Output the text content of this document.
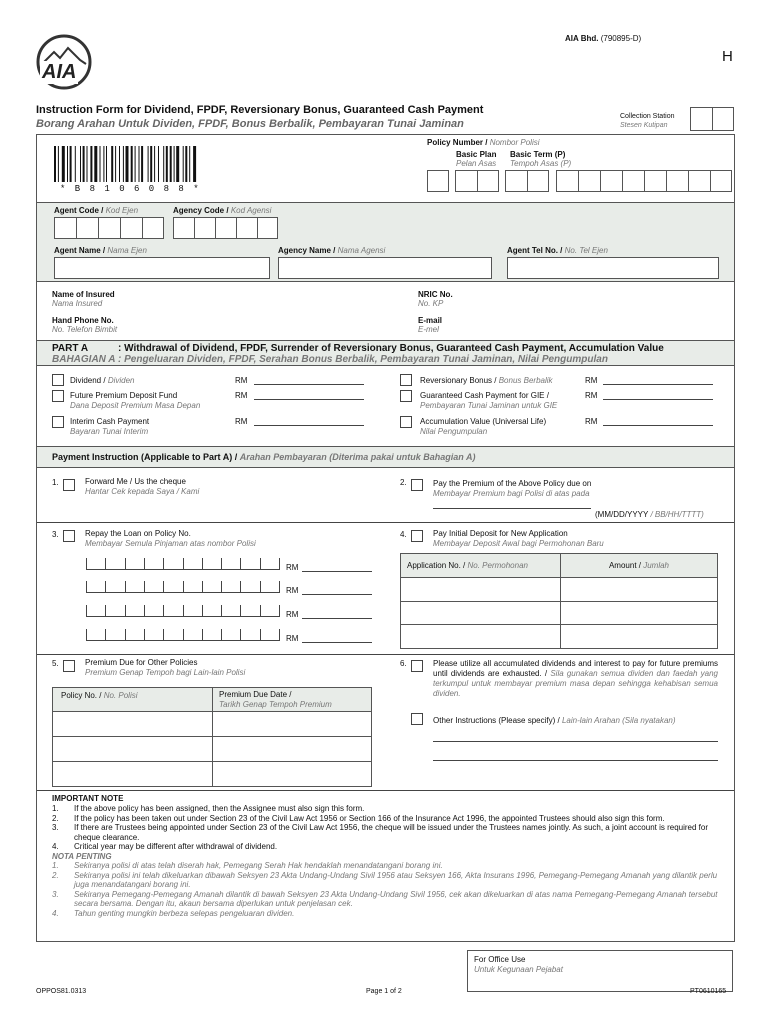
AIA
AIA Bhd. (790895-D)
H
Instruction Form for Dividend, FPDF, Reversionary Bonus, Guaranteed Cash Payment
Borang Arahan Untuk Dividen, FPDF, Bonus Berbalik, Pembayaran Tunai Jaminan
Collection Station
Stesen Kutipan
* B 8 1 0 6 0 8 8 *
Policy Number / Nombor Polisi
Basic Plan
Pelan Asas
Basic Term (P)
Tempoh Asas (P)
Agent Code / Kod Ejen	Agency Code / Kod Agensi
Agent Name / Nama Ejen	Agency Name / Nama Agensi	Agent Tel No. / No. Tel Ejen
Name of Insured
Nama Insured
NRIC No.
No. KP
Hand Phone No.
No. Telefon Bimbit
E-mail
E-mel
PART A
BAHAGIAN A
: Withdrawal of Dividend, FPDF, Surrender of Reversionary Bonus, Guaranteed Cash Payment, Accumulation Value
: Pengeluaran Dividen, FPDF, Serahan Bonus Berbalik, Pembayaran Tunai Jaminan, Nilai Pengumpulan
Dividend / Dividen	RM
Future Premium Deposit Fund
Dana Deposit Premium Masa Depan
RM
Interim Cash Payment
Bayaran Tunai Interim
RM
Reversionary Bonus / Bonus Berbalik	RM
Guaranteed Cash Payment for GIE /
Pembayaran Tunai Jaminan untuk GIE
RM
Accumulation Value (Universal Life)
Nilai Pengumpulan
RM
Payment Instruction (Applicable to Part A) / Arahan Pembayaran (Diterima pakai untuk Bahagian A)
1.	Forward Me / Us the cheque
Hantar Cek kepada Saya / Kami
2.	Pay the Premium of the Above Policy due on
Membayar Premium bagi Polisi di atas pada
(MM/DD/YYYY / BB/HH/TTTT)
3.	Repay the Loan on Policy No.
Membayar Semula Pinjaman atas nombor Polisi
RM
RM
RM
RM
4.	Pay Initial Deposit for New Application
Membayar Deposit Awal bagi Permohonan Baru
Application No. / No. Permohonan	Amount / Jumlah

5.	Premium Due for Other Policies
Premium Genap Tempoh bagi Lain-lain Polisi
Policy No. / No. Polisi	Premium Due Date /
Tarikh Genap Tempoh Premium

6.	Please utilize all accumulated dividends and interest to pay for future premiums until dividends are exhausted. / Sila gunakan semua dividen dan faedah yang terkumpul untuk membayar premium masa depan sehingga kehabisan semua dividen.
Other Instructions (Please specify) / Lain-lain Arahan (Sila nyatakan)
IMPORTANT NOTE
1.	If the above policy has been assigned, then the Assignee must also sign this form.
2.	If the policy has been taken out under Section 23 of the Civil Law Act 1956 or Section 166 of the Insurance Act 1996, the appointed Trustees should also sign this form.
3.	If there are Trustees being appointed under Section 23 of the Civil Law Act 1956, the cheque will be issued under the Trustees names jointly. As such, a joint account is required for cheque clearance.
4.	Critical year may be different after withdrawal of dividend.
NOTA PENTING
1.	Sekiranya polisi di atas telah diserah hak, Pemegang Serah Hak hendaklah menandatangani borang ini.
2.	Sekiranya polisi ini telah dikeluarkan dibawah Seksyen 23 Akta Undang-Undang Sivil 1956 atau Seksyen 166, Akta Insurans 1996, Pemegang-Pemegang Amanah yang dilantik perlu juga menandatangani borang ini.
3.	Sekiranya Pemegang-Pemegang Amanah dilantik di bawah Seksyen 23 Akta Undang-Undang Sivil 1956, cek akan dikeluarkan di atas nama Pemegang-Pemegang Amanah tersebut secara bersama. Dengan itu, akaun bersama diperlukan untuk penjelasan cek.
4.	Tahun genting mungkin berbeza selepas pengeluaran dividen.
For Office Use
Untuk Kegunaan Pejabat
OPPOS81.0313	Page 1 of 2	PT0610165
